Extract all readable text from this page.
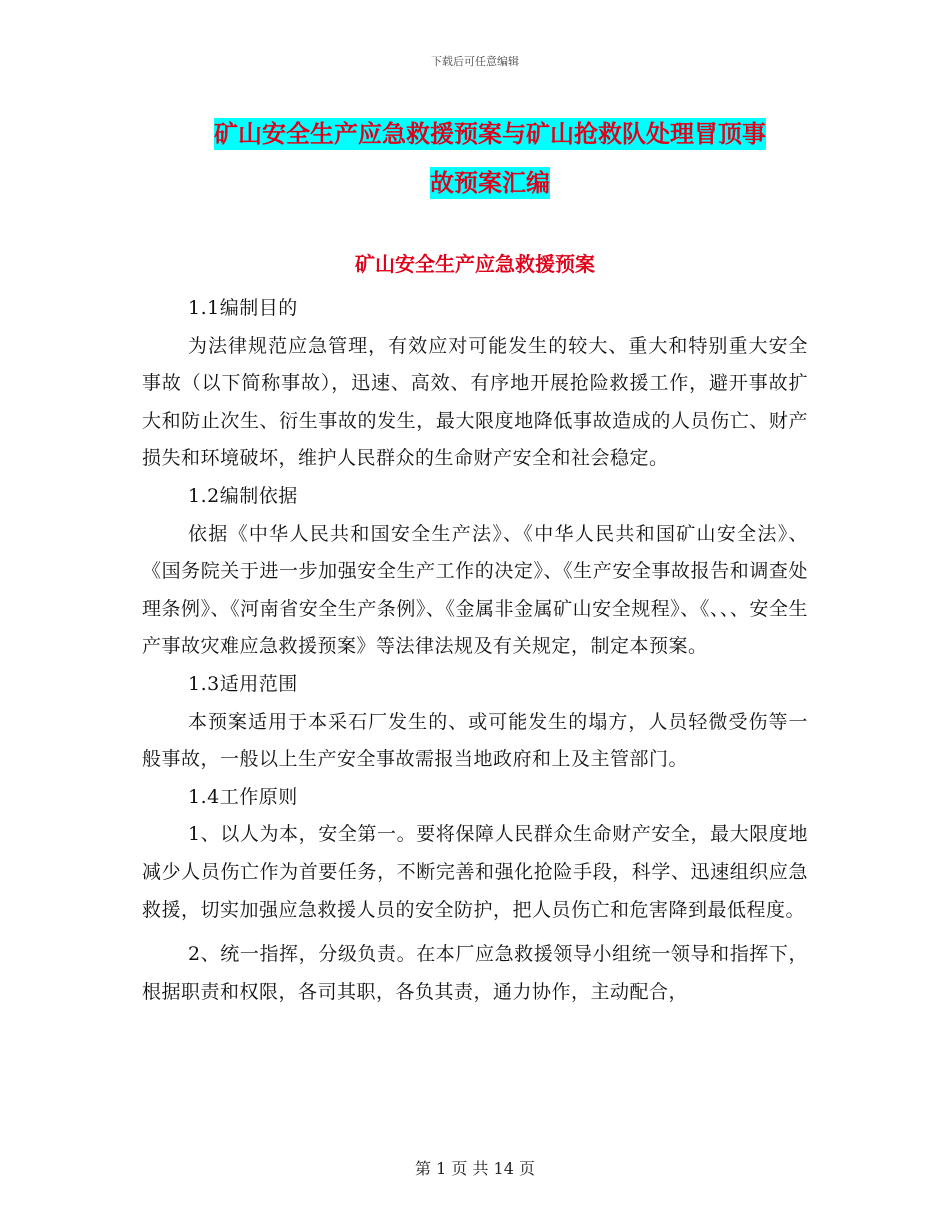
下载后可任意编辑
矿山安全生产应急救援预案与矿山抢救队处理冒顶事
故预案汇编
矿山安全生产应急救援预案

1.1编制目的

为法律规范应急管理，有效应对可能发生的较大、重大和特别重大安全事故（以下简称事故），迅速、高效、有序地开展抢险救援工作，避开事故扩大和防止次生、衍生事故的发生，最大限度地降低事故造成的人员伤亡、财产损失和环境破坏，维护人民群众的生命财产安全和社会稳定。

1.2编制依据

依据《中华人民共和国安全生产法》、《中华人民共和国矿山安全法》、《国务院关于进一步加强安全生产工作的决定》、《生产安全事故报告和调查处理条例》、《河南省安全生产条例》、《金属非金属矿山安全规程》、《、、、安全生产事故灾难应急救援预案》等法律法规及有关规定，制定本预案。

1.3适用范围

本预案适用于本采石厂发生的、或可能发生的塌方，人员轻微受伤等一般事故，一般以上生产安全事故需报当地政府和上及主管部门。

1.4工作原则

1、以人为本，安全第一。要将保障人民群众生命财产安全，最大限度地减少人员伤亡作为首要任务，不断完善和强化抢险手段，科学、迅速组织应急救援，切实加强应急救援人员的安全防护，把人员伤亡和危害降到最低程度。

2、统一指挥，分级负责。在本厂应急救援领导小组统一领导和指挥下，根据职责和权限，各司其职，各负其责，通力协作，主动配合，

第 1 页 共 14 页
